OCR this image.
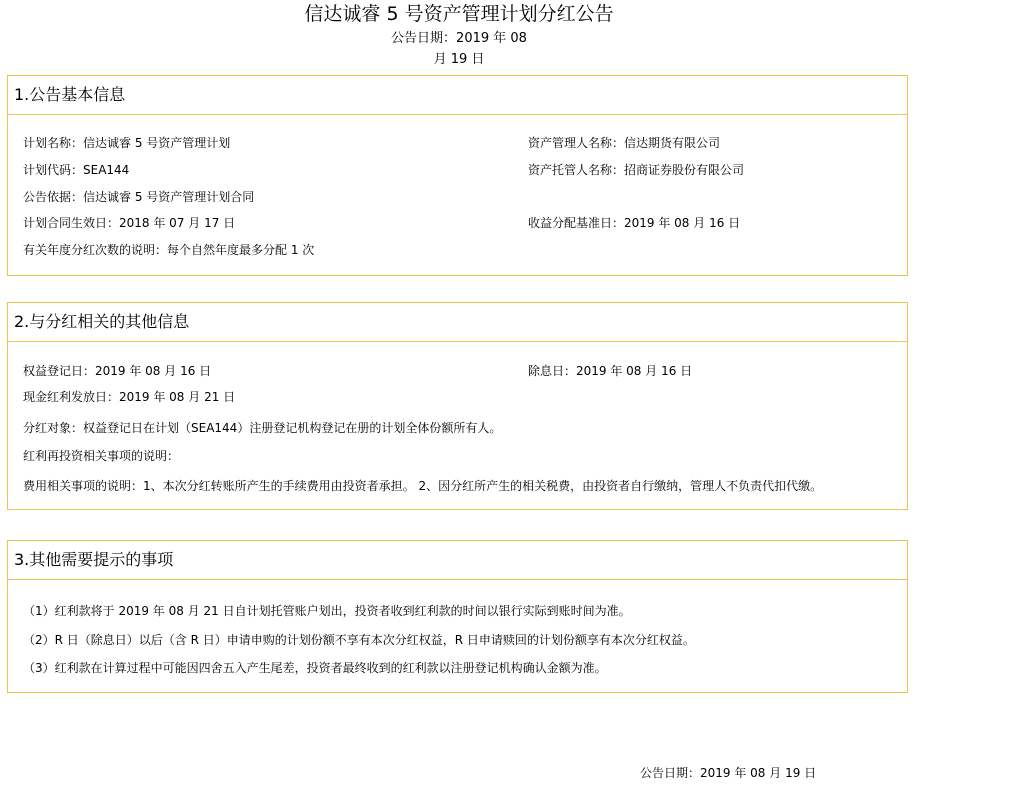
信达诚睿 5 号资产管理计划分红公告
公告日期：2019 年 08
月 19 日
1.公告基本信息
计划名称：信达诚睿 5 号资产管理计划	资产管理人名称：信达期货有限公司
计划代码：SEA144	资产托管人名称：招商证券股份有限公司
公告依据：信达诚睿 5 号资产管理计划合同
计划合同生效日：2018 年 07 月 17 日	收益分配基准日：2019 年 08 月 16 日
有关年度分红次数的说明：每个自然年度最多分配 1 次
2.与分红相关的其他信息
权益登记日：2019 年 08 月 16 日	除息日：2019 年 08 月 16 日
现金红利发放日：2019 年 08 月 21 日
分红对象：权益登记日在计划（SEA144）注册登记机构登记在册的计划全体份额所有人。
红利再投资相关事项的说明：
费用相关事项的说明：1、本次分红转账所产生的手续费用由投资者承担。 2、因分红所产生的相关税费，由投资者自行缴纳，管理人不负责代扣代缴。
3.其他需要提示的事项
（1）红利款将于 2019 年 08 月 21 日自计划托管账户划出，投资者收到红利款的时间以银行实际到账时间为准。
（2）R 日（除息日）以后（含 R 日）申请申购的计划份额不享有本次分红权益，R 日申请赎回的计划份额享有本次分红权益。
（3）红利款在计算过程中可能因四舍五入产生尾差，投资者最终收到的红利款以注册登记机构确认金额为准。
公告日期：2019 年 08 月 19 日
